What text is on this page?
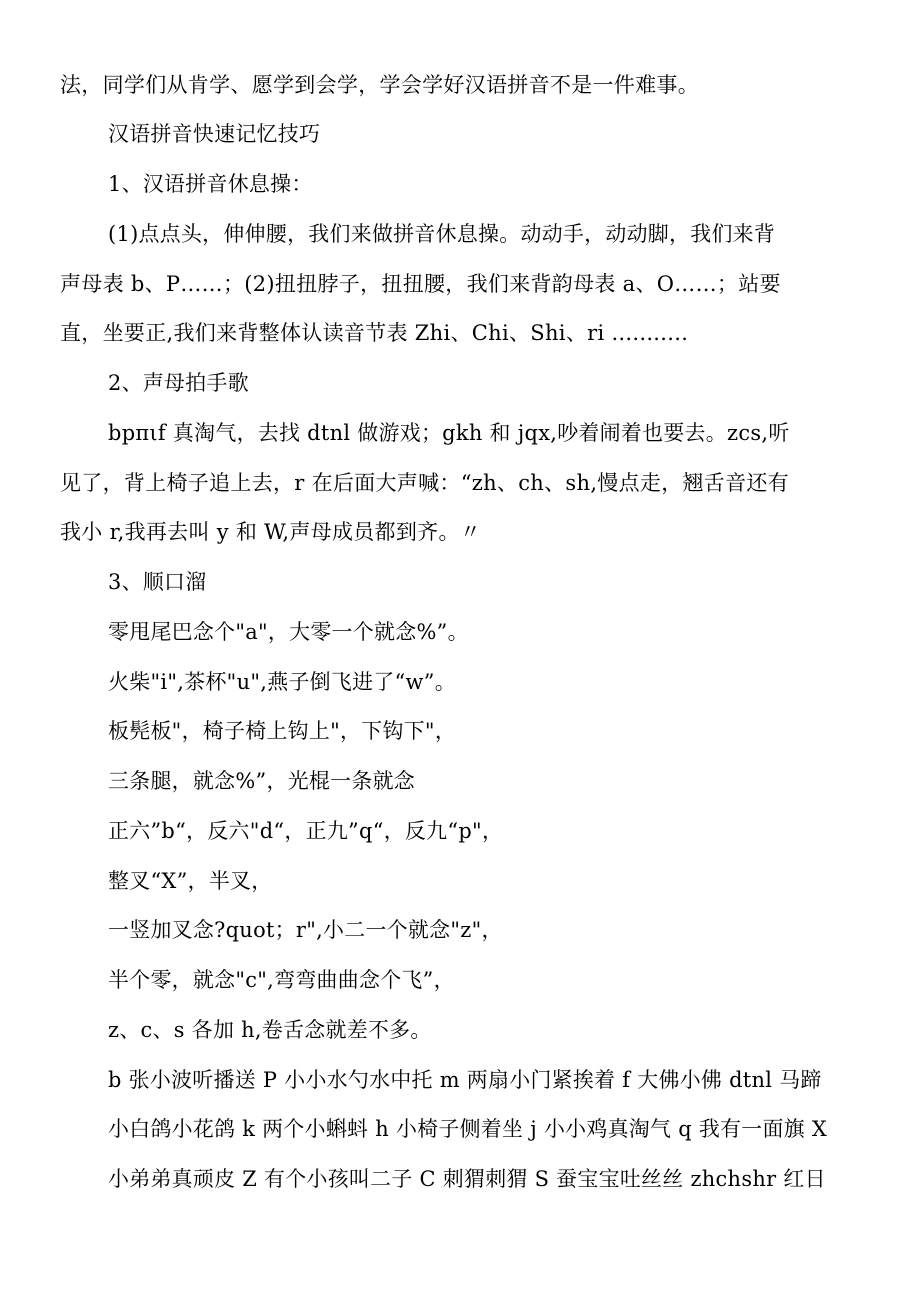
法，同学们从肯学、愿学到会学，学会学好汉语拼音不是一件难事。
汉语拼音快速记忆技巧
1、汉语拼音休息操：
(1)点点头，伸伸腰，我们来做拼音休息操。动动手，动动脚，我们来背
声母表 b、P……；(2)扭扭脖子，扭扭腰，我们来背韵母表 a、O……；站要
直，坐要正,我们来背整体认读音节表 Zhi、Chi、Shi、ri ...........
2、声母拍手歌
bpπιf 真淘气，去找 dtnl 做游戏；gkh 和 jqx,吵着闹着也要去。zcs,听
见了，背上椅子追上去，r 在后面大声喊：“zh、ch、sh,慢点走，翘舌音还有
我小 r,我再去叫 y 和 W,声母成员都到齐。〃
3、顺口溜
零甩尾巴念个"a"，大零一个就念%”。
火柴"i",茶杯"u",燕子倒飞进了“w”。
板髡板"，椅子椅上钩上"，下钩下"，
三条腿，就念%”，光棍一条就念
正六”b“，反六"d“，正九”q“，反九“p"，
整叉“X”，半叉，
一竖加叉念?quot；r",小二一个就念"z"，
半个零，就念"c",弯弯曲曲念个飞”，
z、c、s 各加 h,卷舌念就差不多。
b 张小波听播送 P 小小水勺水中托 m 两扇小门紧挨着 f 大佛小佛 dtnl 马蹄
小白鸽小花鸽 k 两个小蝌蚪 h 小椅子侧着坐 j 小小鸡真淘气 q 我有一面旗 X
小弟弟真顽皮 Z 有个小孩叫二子 C 刺猬刺猬 S 蚕宝宝吐丝丝 zhchshr 红日
